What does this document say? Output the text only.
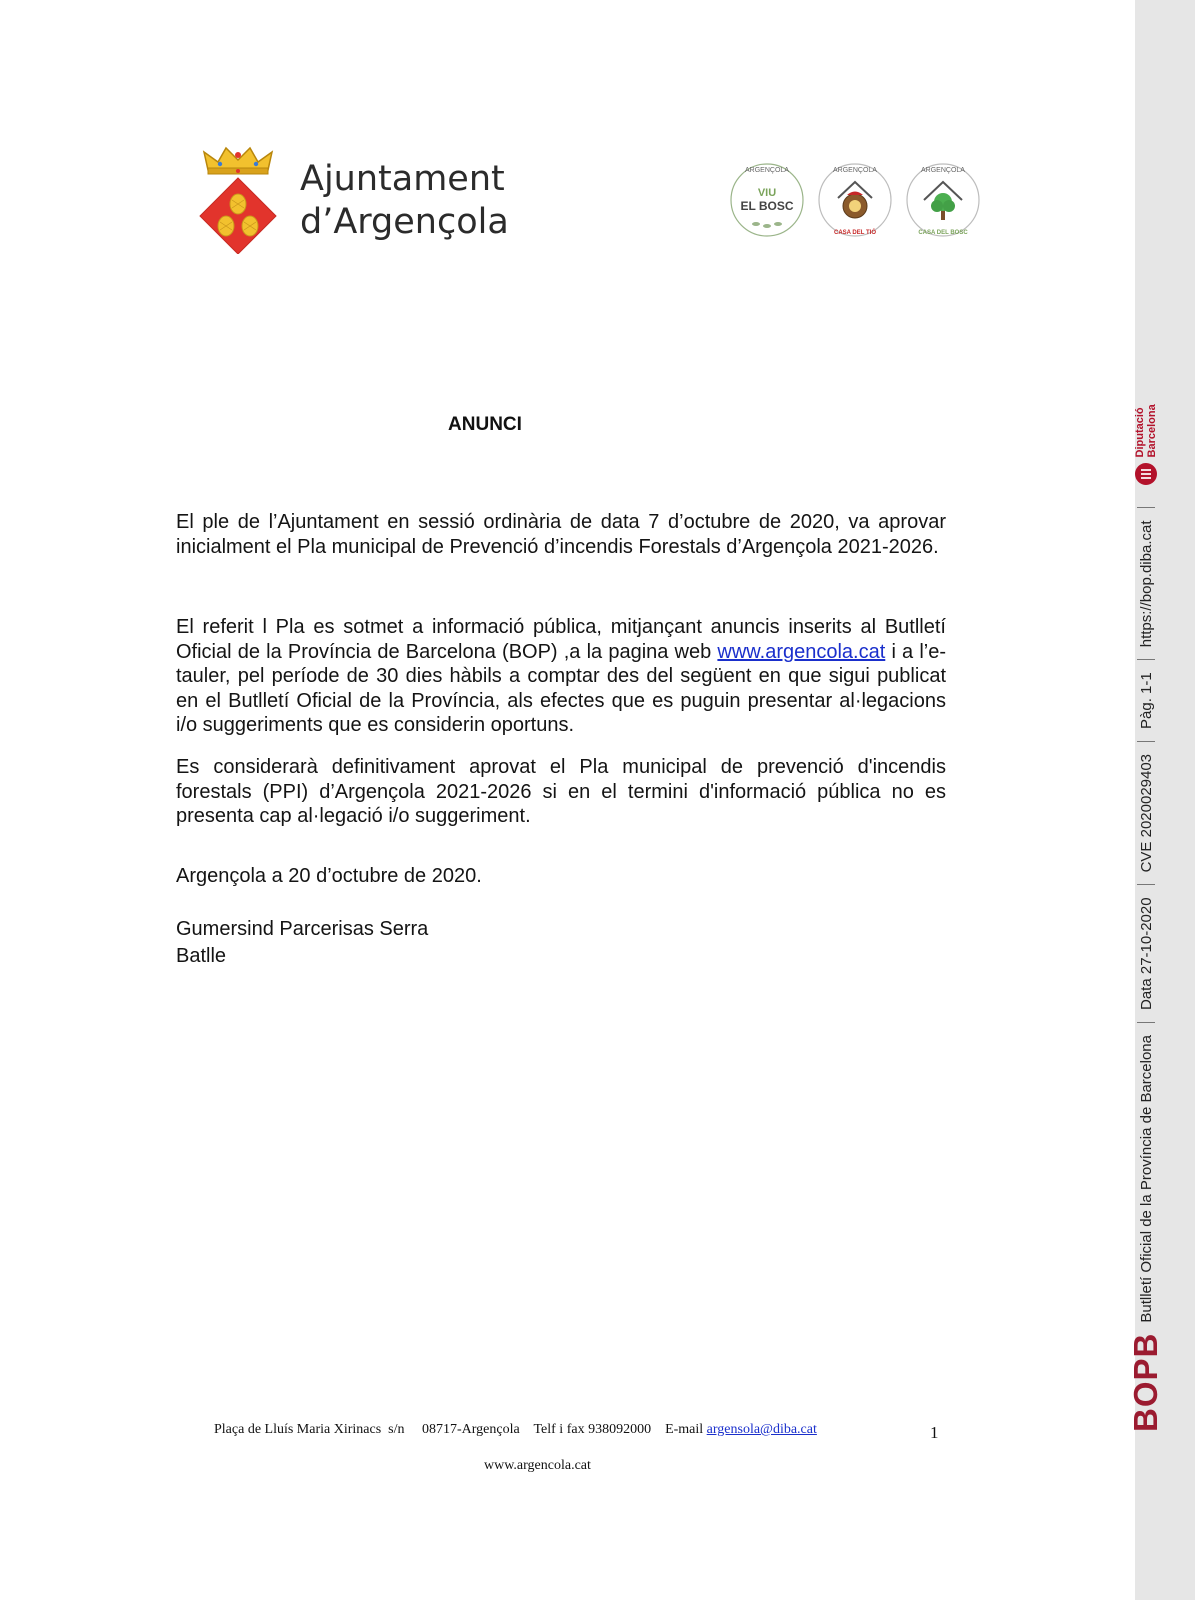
Ajuntament
d’Argençola
ARGENÇOLA
VIU
EL BOSC
ARGENÇOLA
CASA DEL TIÓ
ARGENÇOLA
CASA DEL BOSC
ANUNCI

El ple de l’Ajuntament en sessió ordinària de data 7 d’octubre de 2020, va aprovar inicialment el Pla municipal de Prevenció d’incendis Forestals d’Argençola 2021-2026.

El referit l Pla es sotmet a informació pública, mitjançant anuncis inserits al Butlletí Oficial de la Província de Barcelona (BOP) ,a la pagina web www.argencola.cat i a l’e-tauler, pel període de 30 dies hàbils a comptar des del següent en que sigui publicat en el Butlletí Oficial de la Província, als efectes que es puguin presentar al·legacions i/o suggeriments que es considerin oportuns.

Es considerarà definitivament aprovat el Pla municipal de prevenció d'incendis forestals (PPI) d’Argençola 2021-2026 si en el termini d'informació pública no es presenta cap al·legació i/o suggeriment.

Argençola a 20 d’octubre de 2020.

Gumersind Parcerisas Serra
Batlle
Plaça de Lluís Maria Xirinacs  s/n     08717-Argençola    Telf i fax 938092000    E-mail argensola@diba.cat	1
www.argencola.cat
BOPB
Butlletí Oficial de la Província de Barcelona
Data 27-10-2020
CVE 2020029403
Pàg. 1-1
https://bop.diba.cat
Diputació Barcelona
